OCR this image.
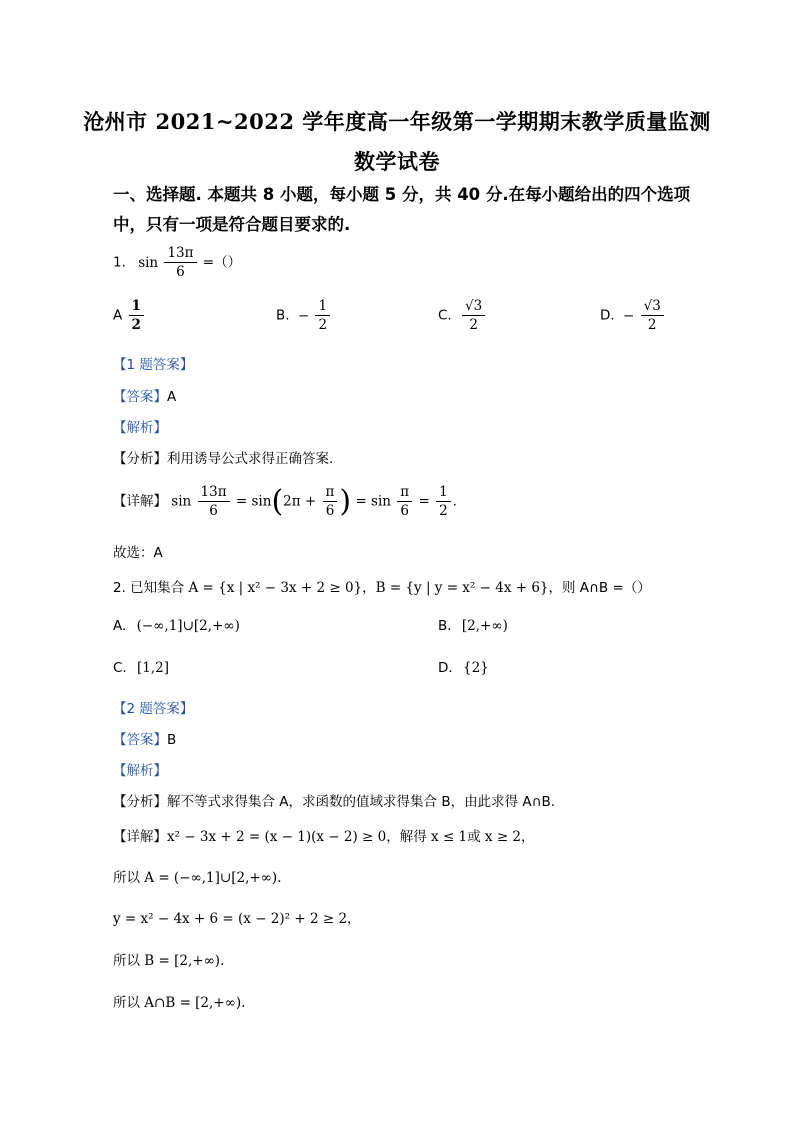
沧州市 2021~2022 学年度高一年级第一学期期末教学质量监测
数学试卷
一、选择题. 本题共 8 小题，每小题 5 分，共 40 分.在每小题给出的四个选项中，只有一项是符合题目要求的.
1. $\sin \frac{13\pi}{6}$ =（）
A $\frac{1}{2}$	B. − $\frac{1}{2}$	C. $\frac{√3}{2}$	D. − $\frac{√3}{2}$
【1 题答案】
【答案】A
【解析】
【分析】利用诱导公式求得正确答案.
【详解】 $\sin \frac{13\pi}{6} = \sin(2\pi + \frac{\pi}{6}$ ) = $\sin \frac{\pi}{6} = \frac{1}{2}$ .
故选：A
2. 已知集合 A = {x | x² − 3x + 2 ≥ 0}，B = {y | y = x² − 4x + 6}，则 A∩B =（）
A. (−∞,1]∪[2,+∞)	B. [2,+∞)
C. [1,2]	D. {2}
【2 题答案】
【答案】B
【解析】
【分析】解不等式求得集合 A，求函数的值域求得集合 B，由此求得 A∩B.
【详解】x² − 3x + 2 = (x − 1)(x − 2) ≥ 0，解得 x ≤ 1或 x ≥ 2，
所以 A = (−∞,1]∪[2,+∞).
y = x² − 4x + 6 = (x − 2)² + 2 ≥ 2，
所以 B = [2,+∞).
所以 A∩B = [2,+∞).
